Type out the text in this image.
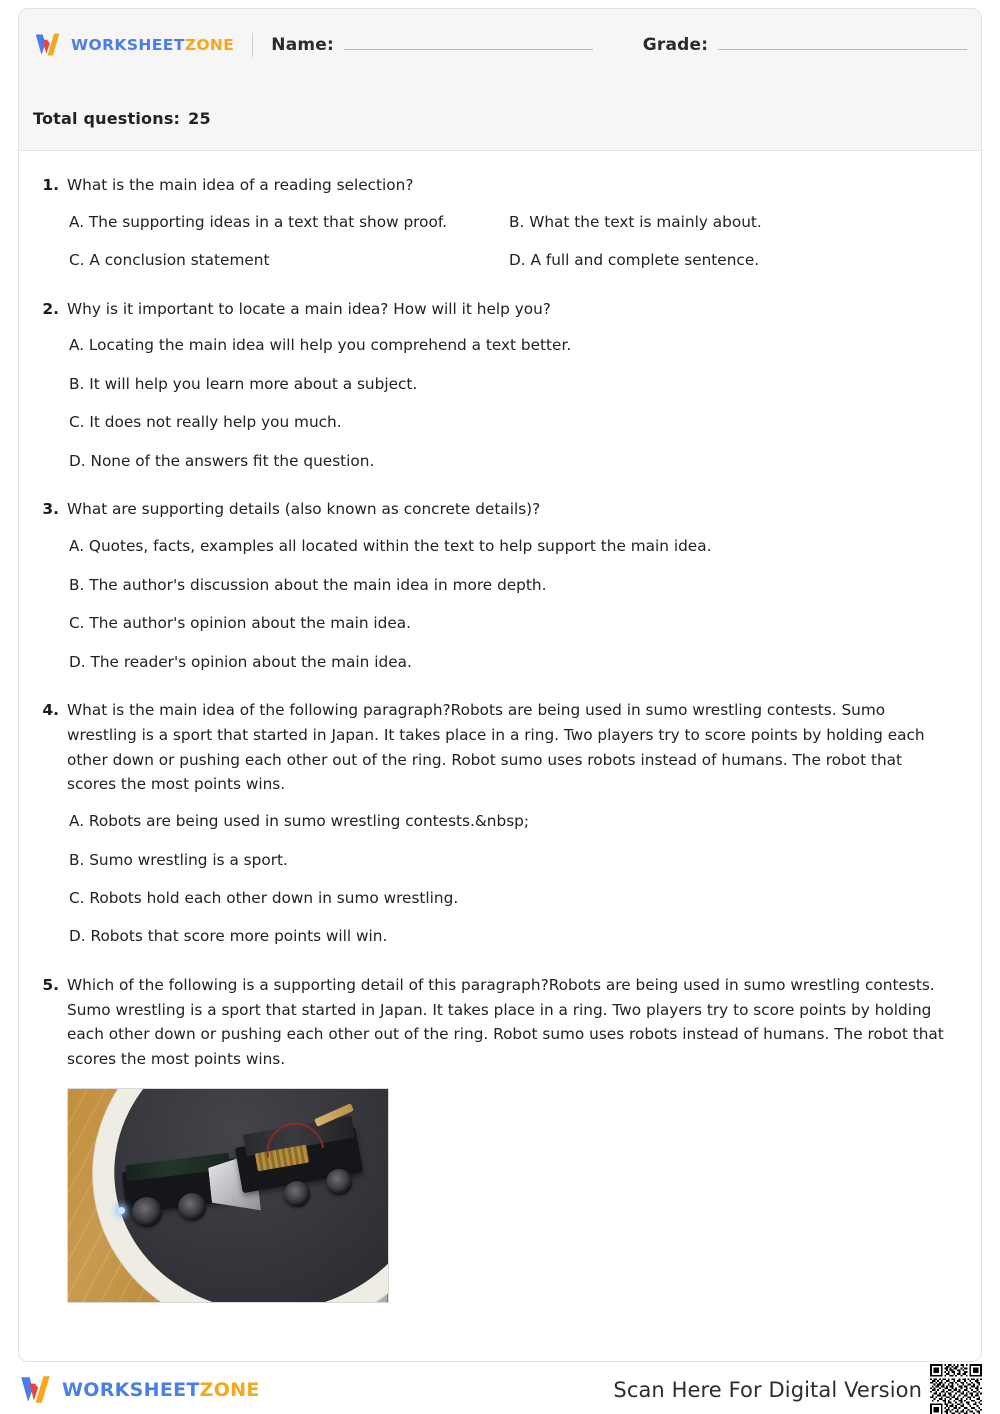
WORKSHEETZONE Name:	Grade:
Total questions: 25
1. What is the main idea of a reading selection?

A. The supporting ideas in a text that show proof.	B. What the text is mainly about.
C. A conclusion statement	D. A full and complete sentence.
2. Why is it important to locate a main idea? How will it help you?

A. Locating the main idea will help you comprehend a text better.
B. It will help you learn more about a subject.
C. It does not really help you much.
D. None of the answers fit the question.
3. What are supporting details (also known as concrete details)?

A. Quotes, facts, examples all located within the text to help support the main idea.
B. The author's discussion about the main idea in more depth.
C. The author's opinion about the main idea.
D. The reader's opinion about the main idea.
4. What is the main idea of the following paragraph?Robots are being used in sumo wrestling contests. Sumo wrestling is a sport that started in Japan. It takes place in a ring. Two players try to score points by holding each other down or pushing each other out of the ring. Robot sumo uses robots instead of humans. The robot that scores the most points wins.

A. Robots are being used in sumo wrestling contests.&nbsp;
B. Sumo wrestling is a sport.
C. Robots hold each other down in sumo wrestling.
D. Robots that score more points will win.
5. Which of the following is a supporting detail of this paragraph?Robots are being used in sumo wrestling contests. Sumo wrestling is a sport that started in Japan. It takes place in a ring. Two players try to score points by holding each other down or pushing each other out of the ring. Robot sumo uses robots instead of humans. The robot that scores the most points wins.

WORKSHEETZONE	Scan Here For Digital Version
